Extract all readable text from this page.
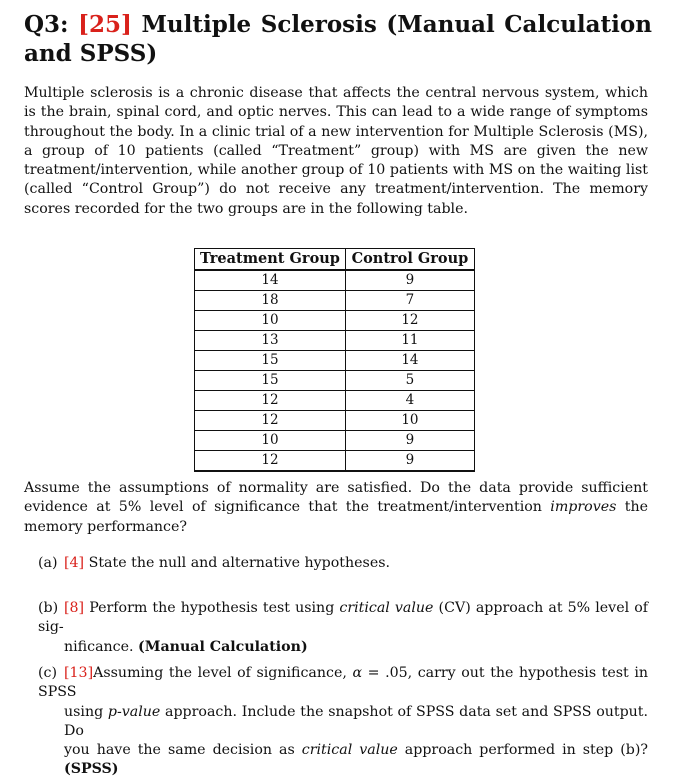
Q3: [25] Multiple Sclerosis (Manual Calculation and SPSS)

Multiple sclerosis is a chronic disease that affects the central nervous system, which is the brain, spinal cord, and optic nerves. This can lead to a wide range of symptoms throughout the body. In a clinic trial of a new intervention for Multiple Sclerosis (MS), a group of 10 patients (called “Treatment” group) with MS are given the new treatment/intervention, while another group of 10 patients with MS on the waiting list (called “Control Group”) do not receive any treatment/intervention. The memory scores recorded for the two groups are in the following table.

Treatment Group	Control Group
14	9
18	7
10	12
13	11
15	14
15	5
12	4
12	10
10	9
12	9

Assume the assumptions of normality are satisfied. Do the data provide sufficient evidence at 5% level of significance that the treatment/intervention improves the memory performance?

(a) [4] State the null and alternative hypotheses.

(b) [8] Perform the hypothesis test using critical value (CV) approach at 5% level of sig-
nificance. (Manual Calculation)

(c) [13]Assuming the level of significance, α = .05, carry out the hypothesis test in SPSS
using p-value approach. Include the snapshot of SPSS data set and SPSS output. Do
you have the same decision as critical value approach performed in step (b)? (SPSS)
